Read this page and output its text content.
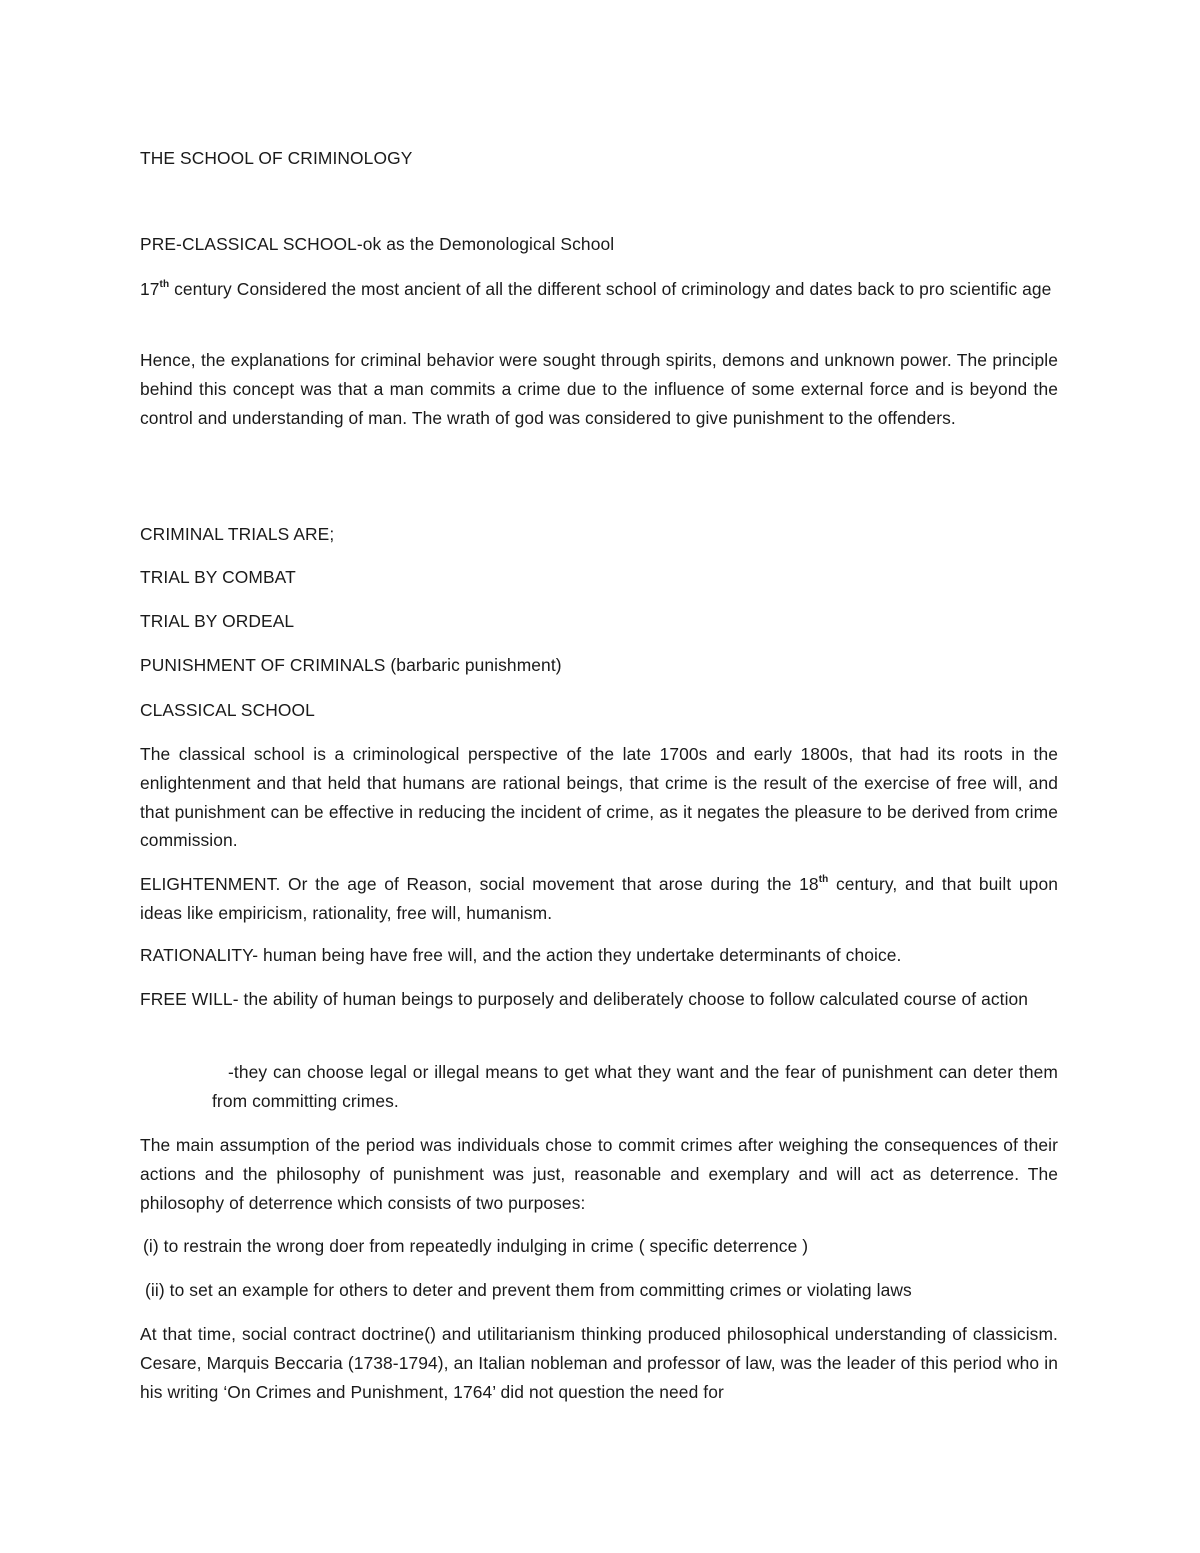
THE SCHOOL OF CRIMINOLOGY

PRE-CLASSICAL SCHOOL-ok as the Demonological School

17th century Considered the most ancient of all the different school of criminology and dates back to pro scientific age

Hence, the explanations for criminal behavior were sought through spirits, demons and unknown power. The principle behind this concept was that a man commits a crime due to the influence of some external force and is beyond the control and understanding of man. The wrath of god was considered to give punishment to the offenders.

CRIMINAL TRIALS ARE;

TRIAL BY COMBAT

TRIAL BY ORDEAL

PUNISHMENT OF CRIMINALS (barbaric punishment)

CLASSICAL SCHOOL

The classical school is a criminological perspective of the late 1700s and early 1800s, that had its roots in the enlightenment and that held that humans are rational beings, that crime is the result of the exercise of free will, and that punishment can be effective in reducing the incident of crime, as it negates the pleasure to be derived from crime commission.

ELIGHTENMENT. Or the age of Reason, social movement that arose during the 18th century, and that built upon ideas like empiricism, rationality, free will, humanism.

RATIONALITY- human being have free will, and the action they undertake determinants of choice.

FREE WILL- the ability of human beings to purposely and deliberately choose to follow calculated course of action

-they can choose legal or illegal means to get what they want and the fear of punishment can deter them from committing crimes.

The main assumption of the period was individuals chose to commit crimes after weighing the consequences of their actions and the philosophy of punishment was just, reasonable and exemplary and will act as deterrence. The philosophy of deterrence which consists of two purposes:

(i) to restrain the wrong doer from repeatedly indulging in crime ( specific deterrence )

(ii) to set an example for others to deter and prevent them from committing crimes or violating laws

At that time, social contract doctrine() and utilitarianism thinking produced philosophical understanding of classicism. Cesare, Marquis Beccaria (1738-1794), an Italian nobleman and professor of law, was the leader of this period who in his writing ‘On Crimes and Punishment, 1764’ did not question the need for
